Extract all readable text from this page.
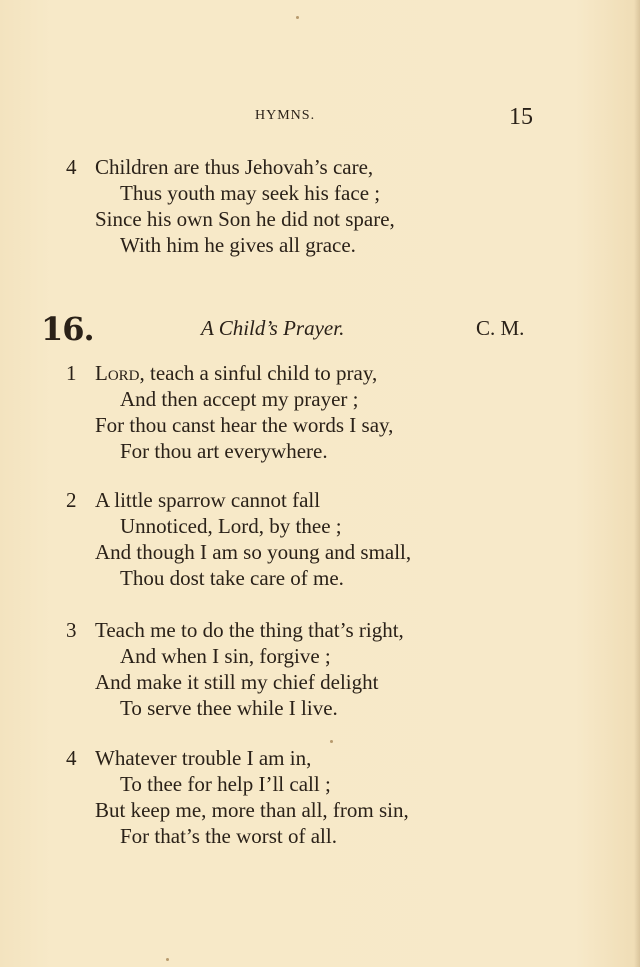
HYMNS.	15
4 Children are thus Jehovah’s care,
Thus youth may seek his face ;
Since his own Son he did not spare,
With him he gives all grace.
16.	A Child’s Prayer.	C. M.
1 Lord, teach a sinful child to pray,
And then accept my prayer ;
For thou canst hear the words I say,
For thou art everywhere.
2 A little sparrow cannot fall
Unnoticed, Lord, by thee ;
And though I am so young and small,
Thou dost take care of me.
3 Teach me to do the thing that’s right,
And when I sin, forgive ;
And make it still my chief delight
To serve thee while I live.
4 Whatever trouble I am in,
To thee for help I’ll call ;
But keep me, more than all, from sin,
For that’s the worst of all.
